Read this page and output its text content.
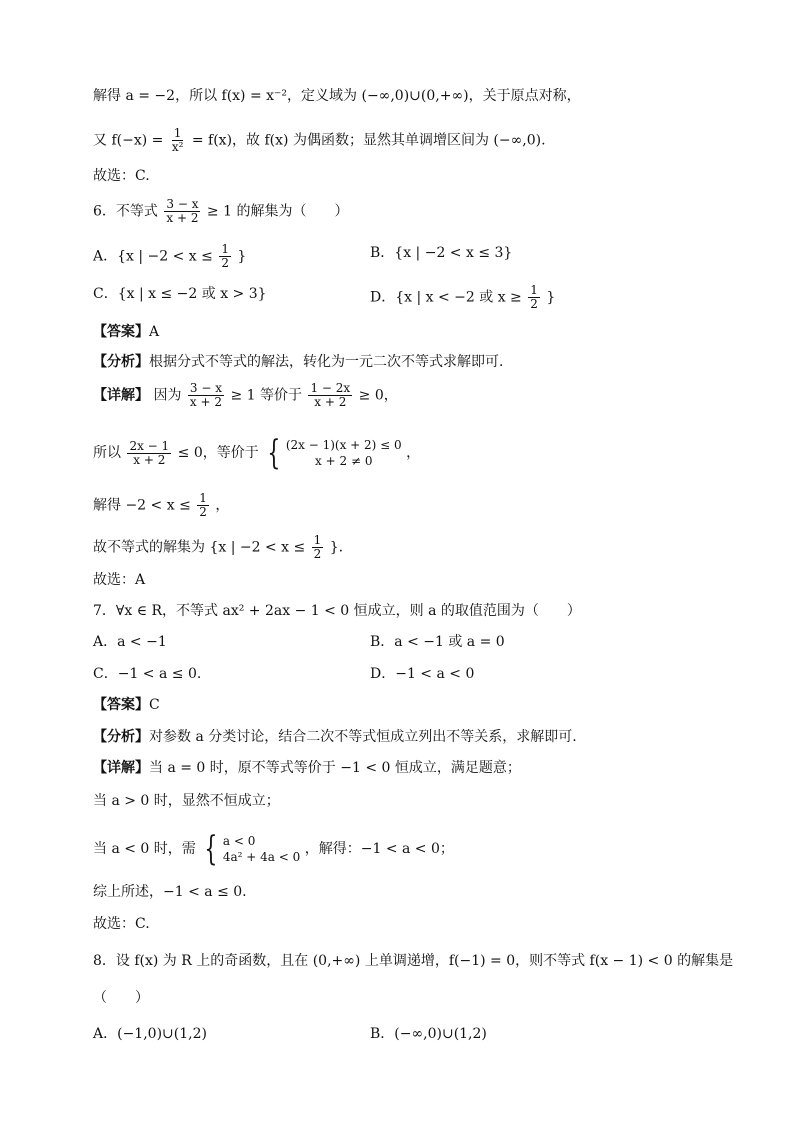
解得 a = −2，所以 f(x) = x⁻²，定义域为 (−∞,0)∪(0,+∞)，关于原点对称，
又 $f(-x) = \frac{1}{\text{x²}} = f(x)$，故 f(x) 为偶函数；显然其单调增区间为 (−∞,0).
故选：C.
6．不等式 $\frac{3 - x}{x + 2} \ge 1$ 的解集为（　　）
A．{x | $-2 < x \le \frac{1}{2}$ }	B．{x | −2 < x ≤ 3}
C．{x | x ≤ −2 或 x > 3}	D．{x | x < −2 或 $x \ge \frac{1}{2}$ }
【答案】A
【分析】根据分式不等式的解法，转化为一元二次不等式求解即可.
【详解】 因为 $\frac{3 - x}{x + 2} \ge 1$ 等价于 $\frac{1 - 2x}{x + 2} \ge 0$，
所以 $\frac{2x - 1}{x + 2} \le 0$，等价于 { (2x − 1)(x + 2) ≤ 0
x + 2 ≠ 0	，
解得 $-2 < x \le \frac{1}{2}$ ，
故不等式的解集为 {x | $-2 < x \le \frac{1}{2}$ }.
故选：A
7．∀x ∈ R，不等式 ax² + 2ax − 1 < 0 恒成立，则 a 的取值范围为（　　）
A．a < −1	B．a < −1 或 a = 0
C．−1 < a ≤ 0.	D．−1 < a < 0
【答案】C
【分析】对参数 a 分类讨论，结合二次不等式恒成立列出不等关系，求解即可.
【详解】当 a = 0 时，原不等式等价于 −1 < 0 恒成立，满足题意；
当 a > 0 时，显然不恒成立；
当 a < 0 时，需 { a < 0
4a² + 4a < 0 ，解得：−1 < a < 0；
综上所述，−1 < a ≤ 0.
故选：C.
8．设 f(x) 为 R 上的奇函数，且在 (0,+∞) 上单调递增，f(−1) = 0，则不等式 f(x − 1) < 0 的解集是
（　　）
A．(−1,0)∪(1,2)	B．(−∞,0)∪(1,2)
